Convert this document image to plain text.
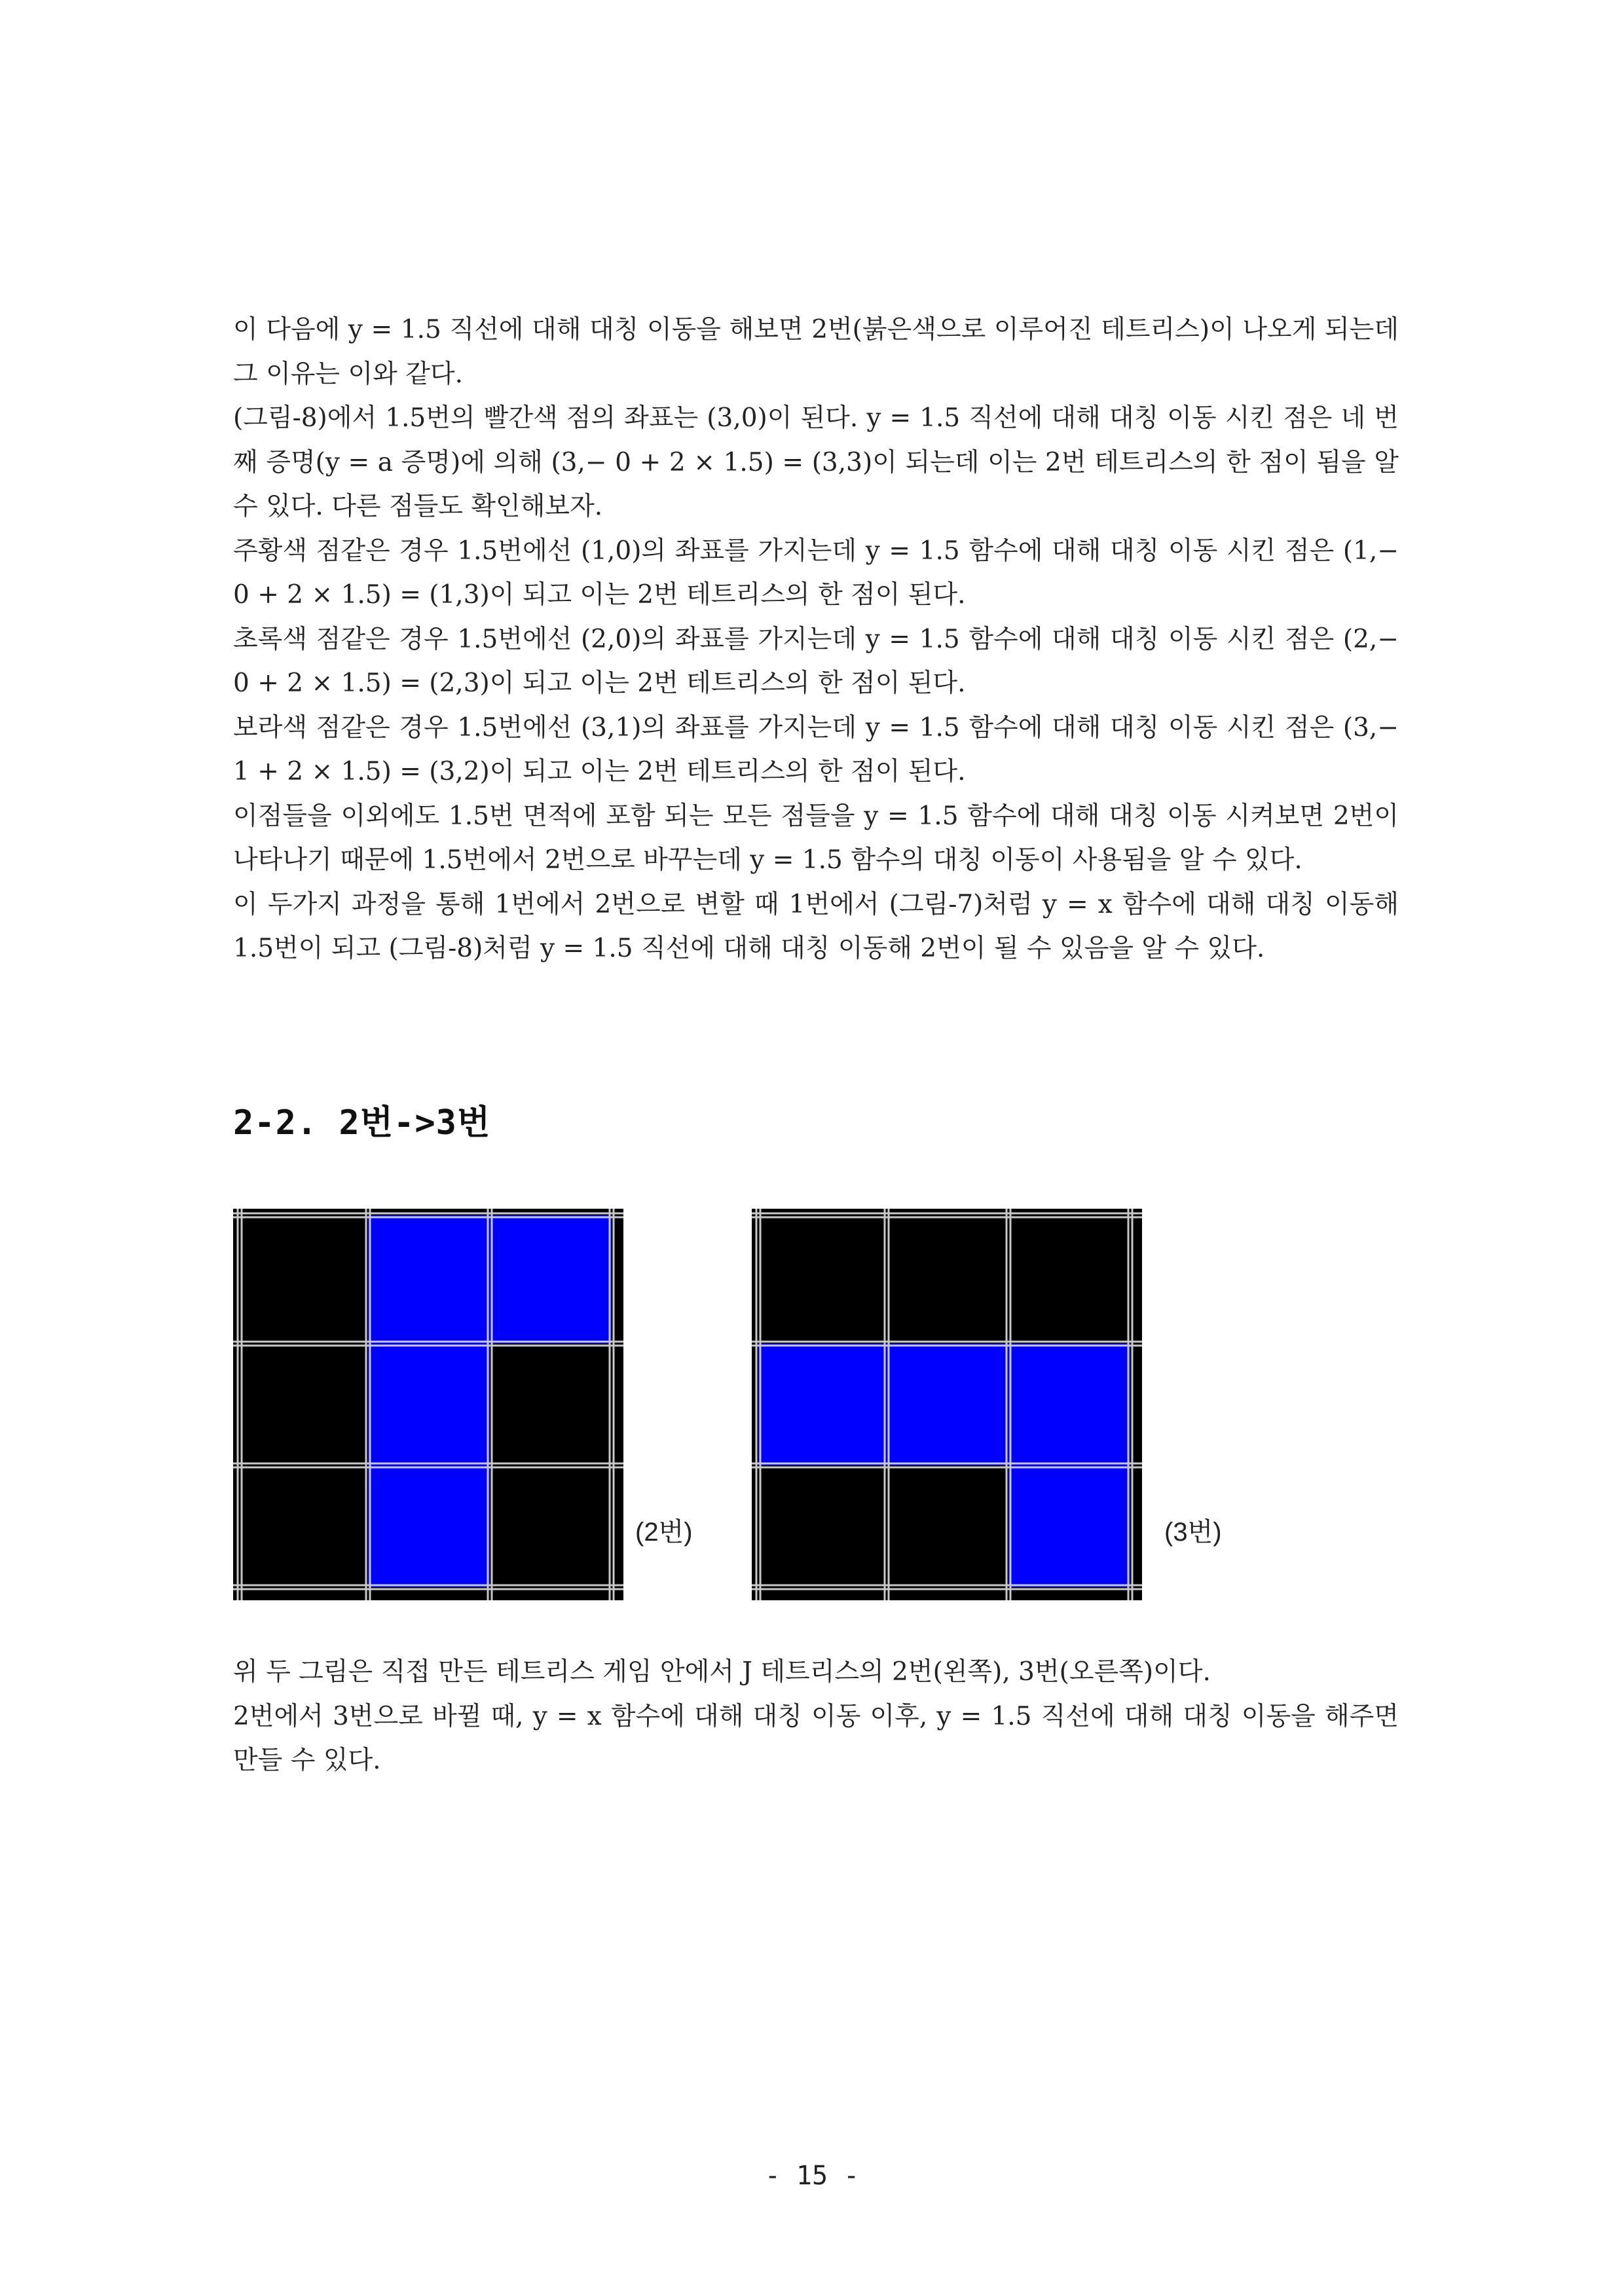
이 다음에 y = 1.5 직선에 대해 대칭 이동을 해보면 2번(붉은색으로 이루어진 테트리스)이 나오게 되는데 그 이유는 이와 같다.

(그림-8)에서 1.5번의 빨간색 점의 좌표는 (3,0)이 된다. y = 1.5 직선에 대해 대칭 이동 시킨 점은 네 번째 증명(y = a 증명)에 의해 (3,− 0 + 2 × 1.5) = (3,3)이 되는데 이는 2번 테트리스의 한 점이 됨을 알 수 있다. 다른 점들도 확인해보자.

주황색 점같은 경우 1.5번에선 (1,0)의 좌표를 가지는데 y = 1.5 함수에 대해 대칭 이동 시킨 점은 (1,− 0 + 2 × 1.5) = (1,3)이 되고 이는 2번 테트리스의 한 점이 된다.

초록색 점같은 경우 1.5번에선 (2,0)의 좌표를 가지는데 y = 1.5 함수에 대해 대칭 이동 시킨 점은 (2,− 0 + 2 × 1.5) = (2,3)이 되고 이는 2번 테트리스의 한 점이 된다.

보라색 점같은 경우 1.5번에선 (3,1)의 좌표를 가지는데 y = 1.5 함수에 대해 대칭 이동 시킨 점은 (3,− 1 + 2 × 1.5) = (3,2)이 되고 이는 2번 테트리스의 한 점이 된다.

이점들을 이외에도 1.5번 면적에 포함 되는 모든 점들을 y = 1.5 함수에 대해 대칭 이동 시켜보면 2번이 나타나기 때문에 1.5번에서 2번으로 바꾸는데 y = 1.5 함수의 대칭 이동이 사용됨을 알 수 있다.

이 두가지 과정을 통해 1번에서 2번으로 변할 때 1번에서 (그림-7)처럼 y = x 함수에 대해 대칭 이동해 1.5번이 되고 (그림-8)처럼 y = 1.5 직선에 대해 대칭 이동해 2번이 될 수 있음을 알 수 있다.

2-2. 2번->3번
(2번)	(3번)

위 두 그림은 직접 만든 테트리스 게임 안에서 J 테트리스의 2번(왼쪽), 3번(오른쪽)이다.

2번에서 3번으로 바뀔 때, y = x 함수에 대해 대칭 이동 이후, y = 1.5 직선에 대해 대칭 이동을 해주면 만들 수 있다.

- 15 -
